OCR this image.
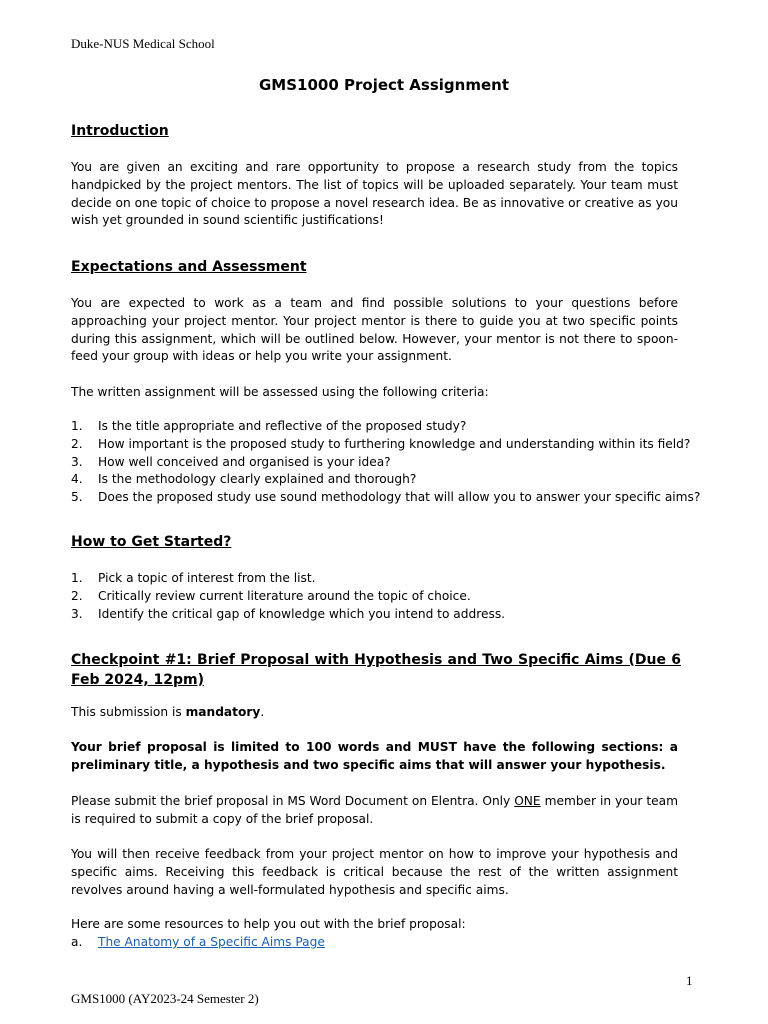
Duke-NUS Medical School
GMS1000 Project Assignment
Introduction
You are given an exciting and rare opportunity to propose a research study from the topics handpicked by the project mentors. The list of topics will be uploaded separately. Your team must decide on one topic of choice to propose a novel research idea. Be as innovative or creative as you wish yet grounded in sound scientific justifications!
Expectations and Assessment
You are expected to work as a team and find possible solutions to your questions before approaching your project mentor. Your project mentor is there to guide you at two specific points during this assignment, which will be outlined below. However, your mentor is not there to spoon-feed your group with ideas or help you write your assignment.
The written assignment will be assessed using the following criteria:
1. Is the title appropriate and reflective of the proposed study?
2. How important is the proposed study to furthering knowledge and understanding within its field?
3. How well conceived and organised is your idea?
4. Is the methodology clearly explained and thorough?
5. Does the proposed study use sound methodology that will allow you to answer your specific aims?
How to Get Started?
1. Pick a topic of interest from the list.
2. Critically review current literature around the topic of choice.
3. Identify the critical gap of knowledge which you intend to address.
Checkpoint #1: Brief Proposal with Hypothesis and Two Specific Aims (Due 6 Feb 2024, 12pm)
This submission is mandatory.
Your brief proposal is limited to 100 words and MUST have the following sections: a preliminary title, a hypothesis and two specific aims that will answer your hypothesis.
Please submit the brief proposal in MS Word Document on Elentra. Only ONE member in your team is required to submit a copy of the brief proposal.
You will then receive feedback from your project mentor on how to improve your hypothesis and specific aims. Receiving this feedback is critical because the rest of the written assignment revolves around having a well-formulated hypothesis and specific aims.
Here are some resources to help you out with the brief proposal:
a. The Anatomy of a Specific Aims Page
1
GMS1000 (AY2023-24 Semester 2)
